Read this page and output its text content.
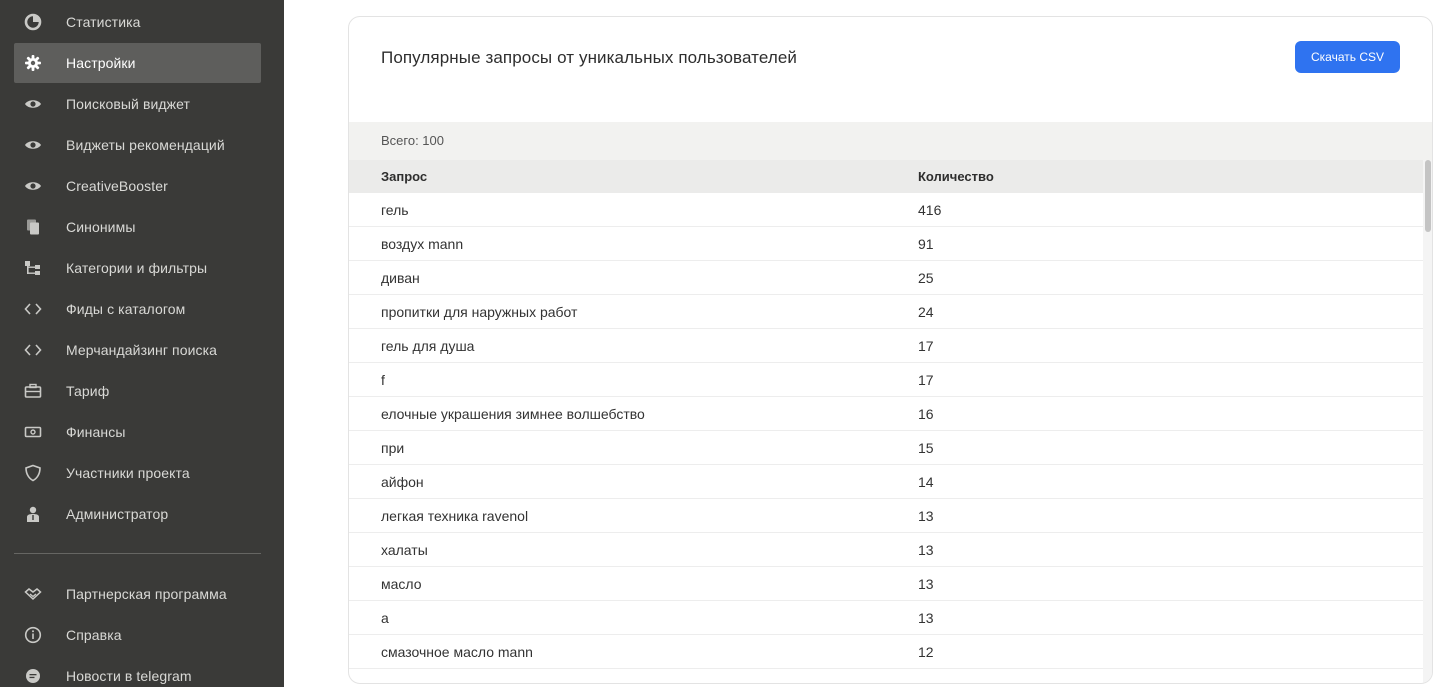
Статистика
Настройки
Поисковый виджет
Виджеты рекомендаций
CreativeBooster
Синонимы
Категории и фильтры
Фиды с каталогом
Мерчандайзинг поиска
Тариф
Финансы
Участники проекта
Администратор
Партнерская программа
Справка
Новости в telegram
Популярные запросы от уникальных пользователей	Скачать CSV
Всего: 100
Запрос	Количество
гель	416
воздух mann	91
диван	25
пропитки для наружных работ	24
гель для душа	17
f	17
елочные украшения зимнее волшебство	16
при	15
айфон	14
легкая техника ravenol	13
халаты	13
масло	13
a	13
смазочное масло mann	12
